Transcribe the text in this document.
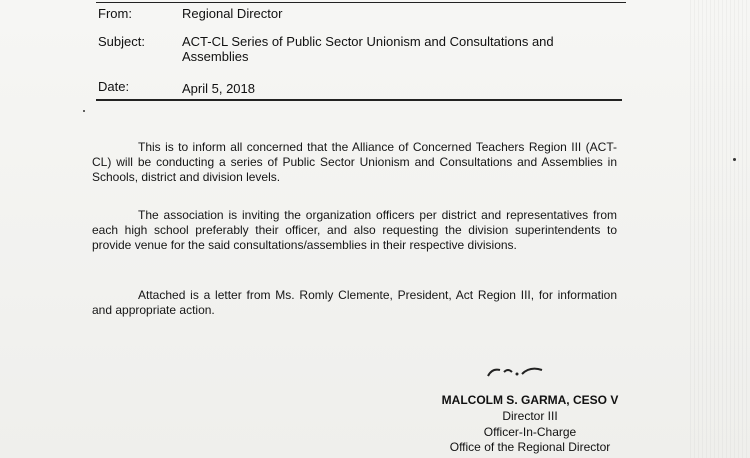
From:	Regional Director
Subject:	ACT-CL Series of Public Sector Unionism and Consultations and
Assemblies
Date:	April 5, 2018
This is to inform all concerned that the Alliance of Concerned Teachers Region III (ACT-CL) will be conducting a series of Public Sector Unionism and Consultations and Assemblies in Schools, district and division levels.
The association is inviting the organization officers per district and representatives from each high school preferably their officer, and also requesting the division superintendents to provide venue for the said consultations/assemblies in their respective divisions.
Attached is a letter from Ms. Romly Clemente, President, Act Region III, for information and appropriate action.
MALCOLM S. GARMA, CESO V
Director III
Officer-In-Charge
Office of the Regional Director
